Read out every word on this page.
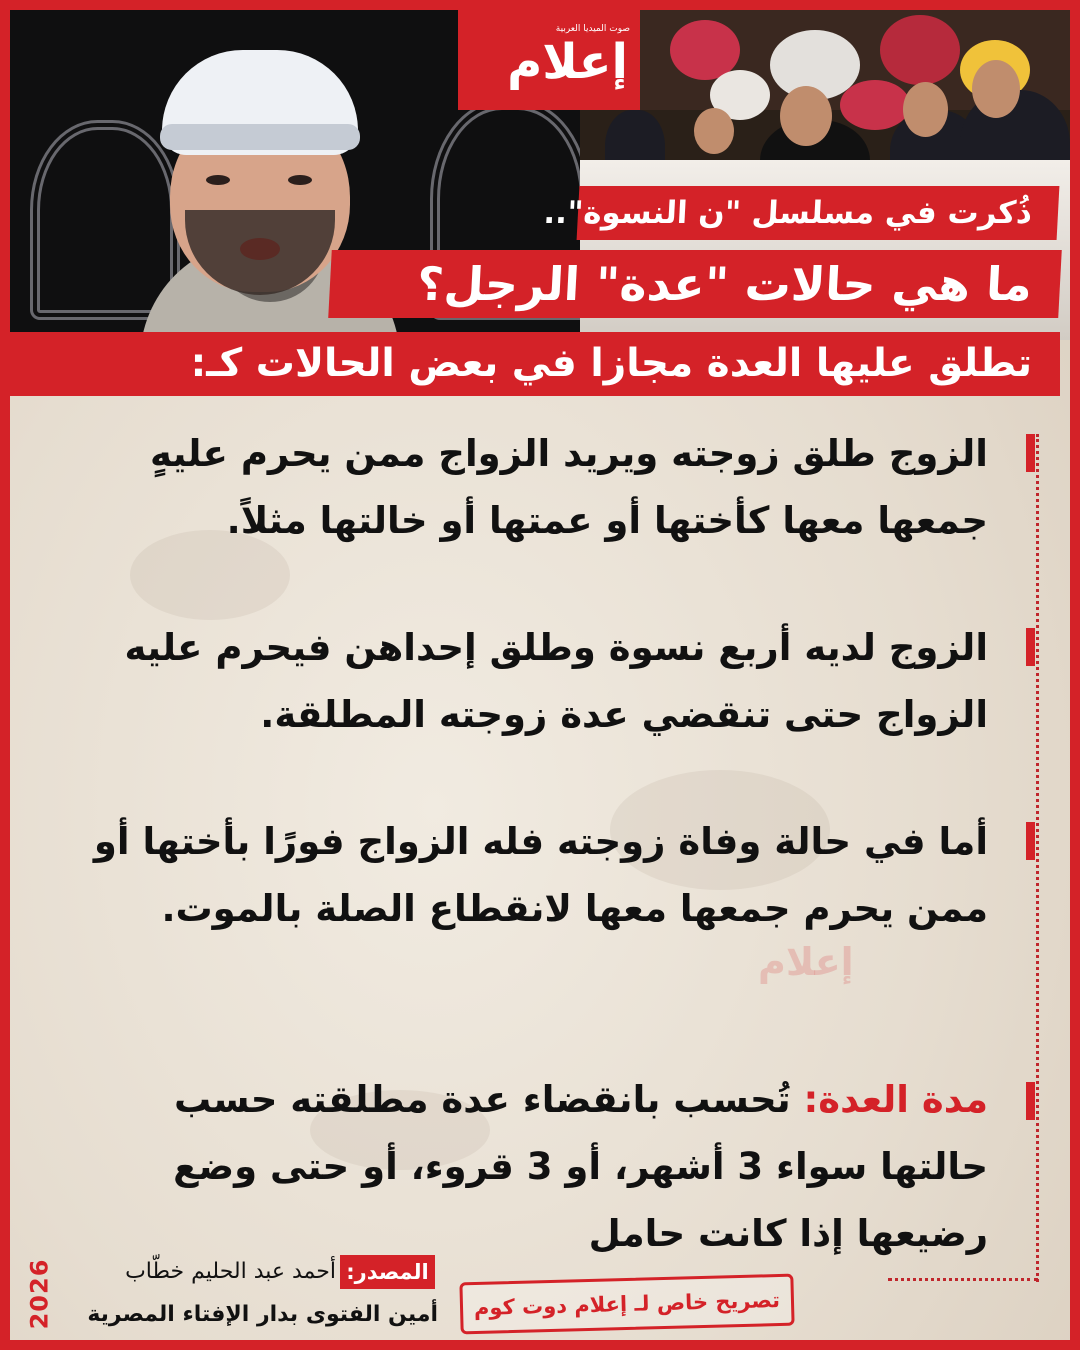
صوت الميديا العربية
إعلام
ذُكرت في مسلسل "ن النسوة"..
ما هي حالات "عدة" الرجل؟
تطلق عليها العدة مجازا في بعض الحالات كـ:
الزوج طلق زوجته ويريد الزواج ممن يحرم عليهٍ جمعها معها كأختها أو عمتها أو خالتها مثلاً.
الزوج لديه أربع نسوة وطلق إحداهن فيحرم عليه الزواج حتى تنقضي عدة زوجته المطلقة.
أما في حالة وفاة زوجته فله الزواج فورًا بأختها أو ممن يحرم جمعها معها لانقطاع الصلة بالموت.
إعلام
مدة العدة: تُحسب بانقضاء عدة مطلقته حسب حالتها سواء 3 أشهر، أو 3 قروء، أو حتى وضع رضيعها إذا كانت حامل
تصريح خاص لـ إعلام دوت كوم
المصدر:
أحمد عبد الحليم خطّاب
أمين الفتوى بدار الإفتاء المصرية
2026
